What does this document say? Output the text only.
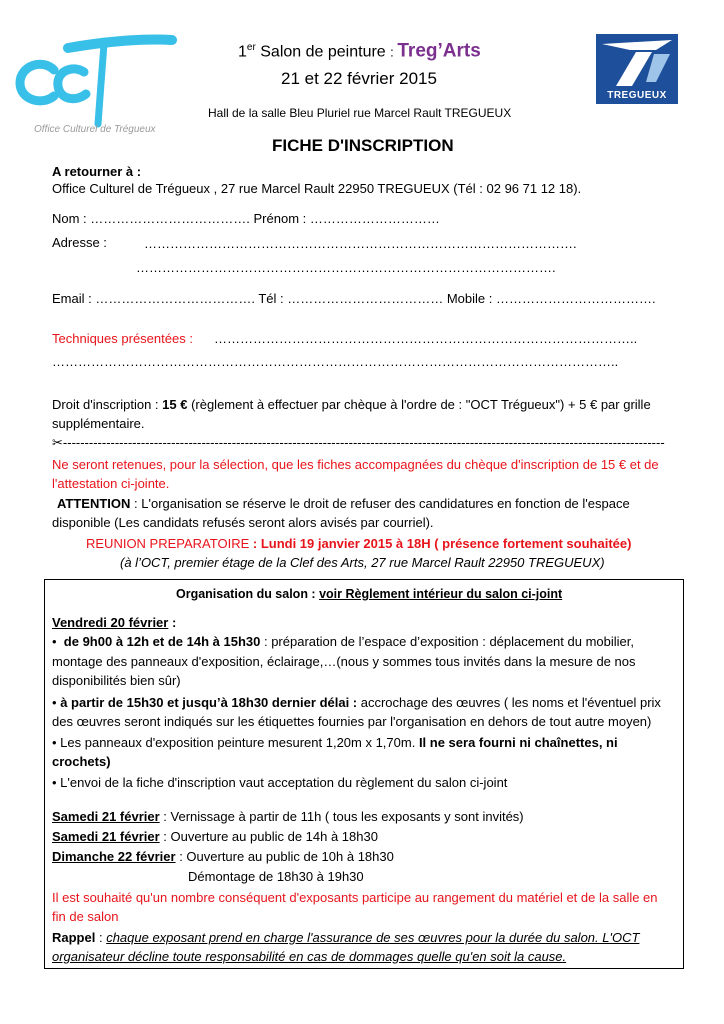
Office Culturel de Trégueux
TREGUEUX
1er Salon de peinture : Treg’Arts
21 et 22 février 2015
Hall de la salle Bleu Pluriel rue Marcel Rault TREGUEUX
FICHE D'INSCRIPTION
A retourner à :
Office Culturel de Trégueux , 27 rue Marcel Rault 22950 TREGUEUX (Tél : 02 96 71 12 18).
Nom : ………………………………. Prénom : …………………………
Adresse :	……………………………………………………………………………………….
…………………………………………………………………………………….
Email : ………………………………. Tél : ……………………………… Mobile : ……………………………….
Techniques présentées : ……………………………………………………………………………………..
…………………………………………………………………………………………………………………..
Droit d'inscription : 15 € (règlement à effectuer par chèque à l'ordre de : "OCT Trégueux") + 5 € par grille
supplémentaire.
✂-------------------------------------------------------------------------------------------------------------------------------------------
Ne seront retenues, pour la sélection, que les fiches accompagnées du chèque d'inscription de 15 € et de
l'attestation ci-jointe.
ATTENTION : L'organisation se réserve le droit de refuser des candidatures en fonction de l'espace
disponible (Les candidats refusés seront alors avisés par courriel).
REUNION PREPARATOIRE : Lundi 19 janvier 2015 à 18H ( présence fortement souhaitée)
(à l’OCT, premier étage de la Clef des Arts, 27 rue Marcel Rault 22950 TREGUEUX)
Organisation du salon : voir Règlement intérieur du salon ci-joint
Vendredi 20 février :
• de 9h00 à 12h et de 14h à 15h30 : préparation de l’espace d’exposition : déplacement du mobilier,
montage des panneaux d'exposition, éclairage,…(nous y sommes tous invités dans la mesure de nos
disponibilités bien sûr)
• à partir de 15h30 et jusqu’à 18h30 dernier délai : accrochage des œuvres ( les noms et l'éventuel prix
des œuvres seront indiqués sur les étiquettes fournies par l'organisation en dehors de tout autre moyen)
• Les panneaux d'exposition peinture mesurent 1,20m x 1,70m. Il ne sera fourni ni chaînettes, ni
crochets)
• L'envoi de la fiche d'inscription vaut acceptation du règlement du salon ci-joint
Samedi 21 février : Vernissage à partir de 11h ( tous les exposants y sont invités)
Samedi 21 février : Ouverture au public de 14h à 18h30
Dimanche 22 février : Ouverture au public de 10h à 18h30
Démontage de 18h30 à 19h30
Il est souhaité qu'un nombre conséquent d'exposants participe au rangement du matériel et de la salle en
fin de salon
Rappel : chaque exposant prend en charge l'assurance de ses œuvres pour la durée du salon. L'OCT
organisateur décline toute responsabilité en cas de dommages quelle qu'en soit la cause.
